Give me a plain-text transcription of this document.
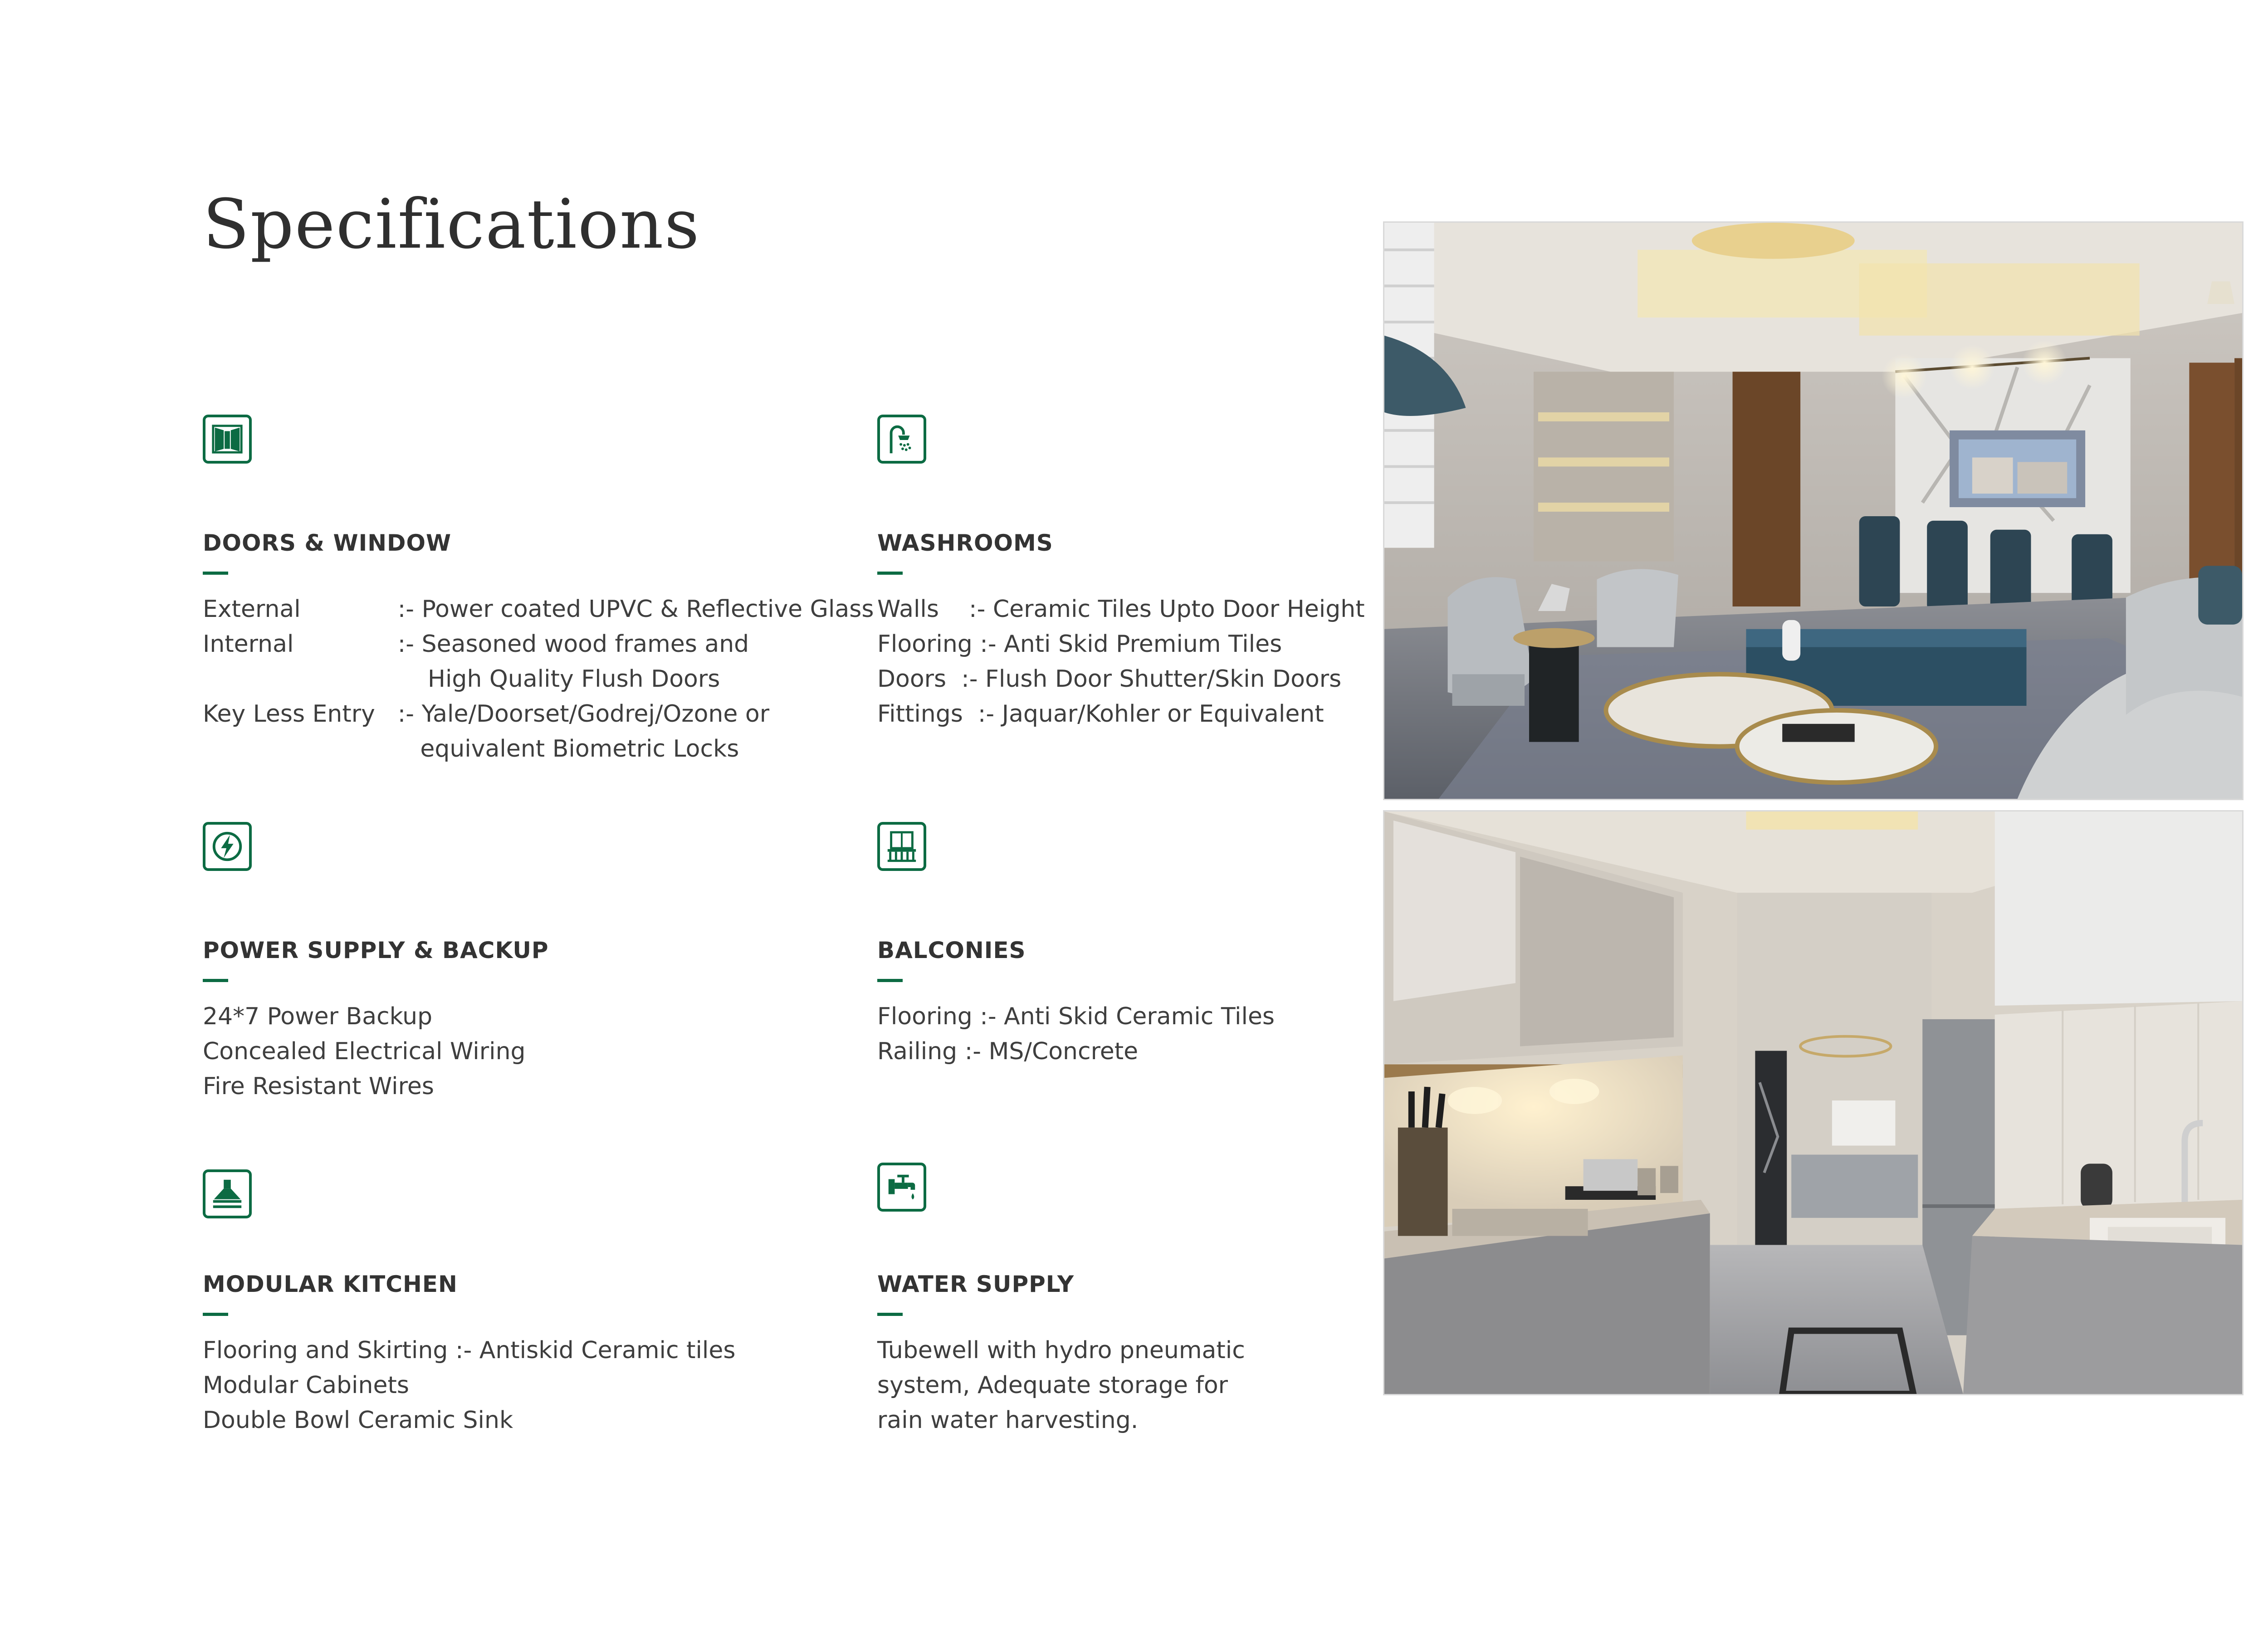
Specifications
DOORS & WINDOW
External :- Power coated UPVC & Reflective Glass
Internal :- Seasoned wood frames and

High Quality Flush Doors
Key Less Entry :- Yale/Doorset/Godrej/Ozone or

equivalent Biometric Locks
WASHROOMS
Walls    :- Ceramic Tiles Upto Door Height
Flooring :- Anti Skid Premium Tiles
Doors  :- Flush Door Shutter/Skin Doors
Fittings  :- Jaquar/Kohler or Equivalent
POWER SUPPLY & BACKUP
24*7 Power Backup
Concealed Electrical Wiring
Fire Resistant Wires
BALCONIES
Flooring :- Anti Skid Ceramic Tiles
Railing :- MS/Concrete
MODULAR KITCHEN
Flooring and Skirting :- Antiskid Ceramic tiles
Modular Cabinets
Double Bowl Ceramic Sink
WATER SUPPLY
Tubewell with hydro pneumatic
system, Adequate storage for
rain water harvesting.
